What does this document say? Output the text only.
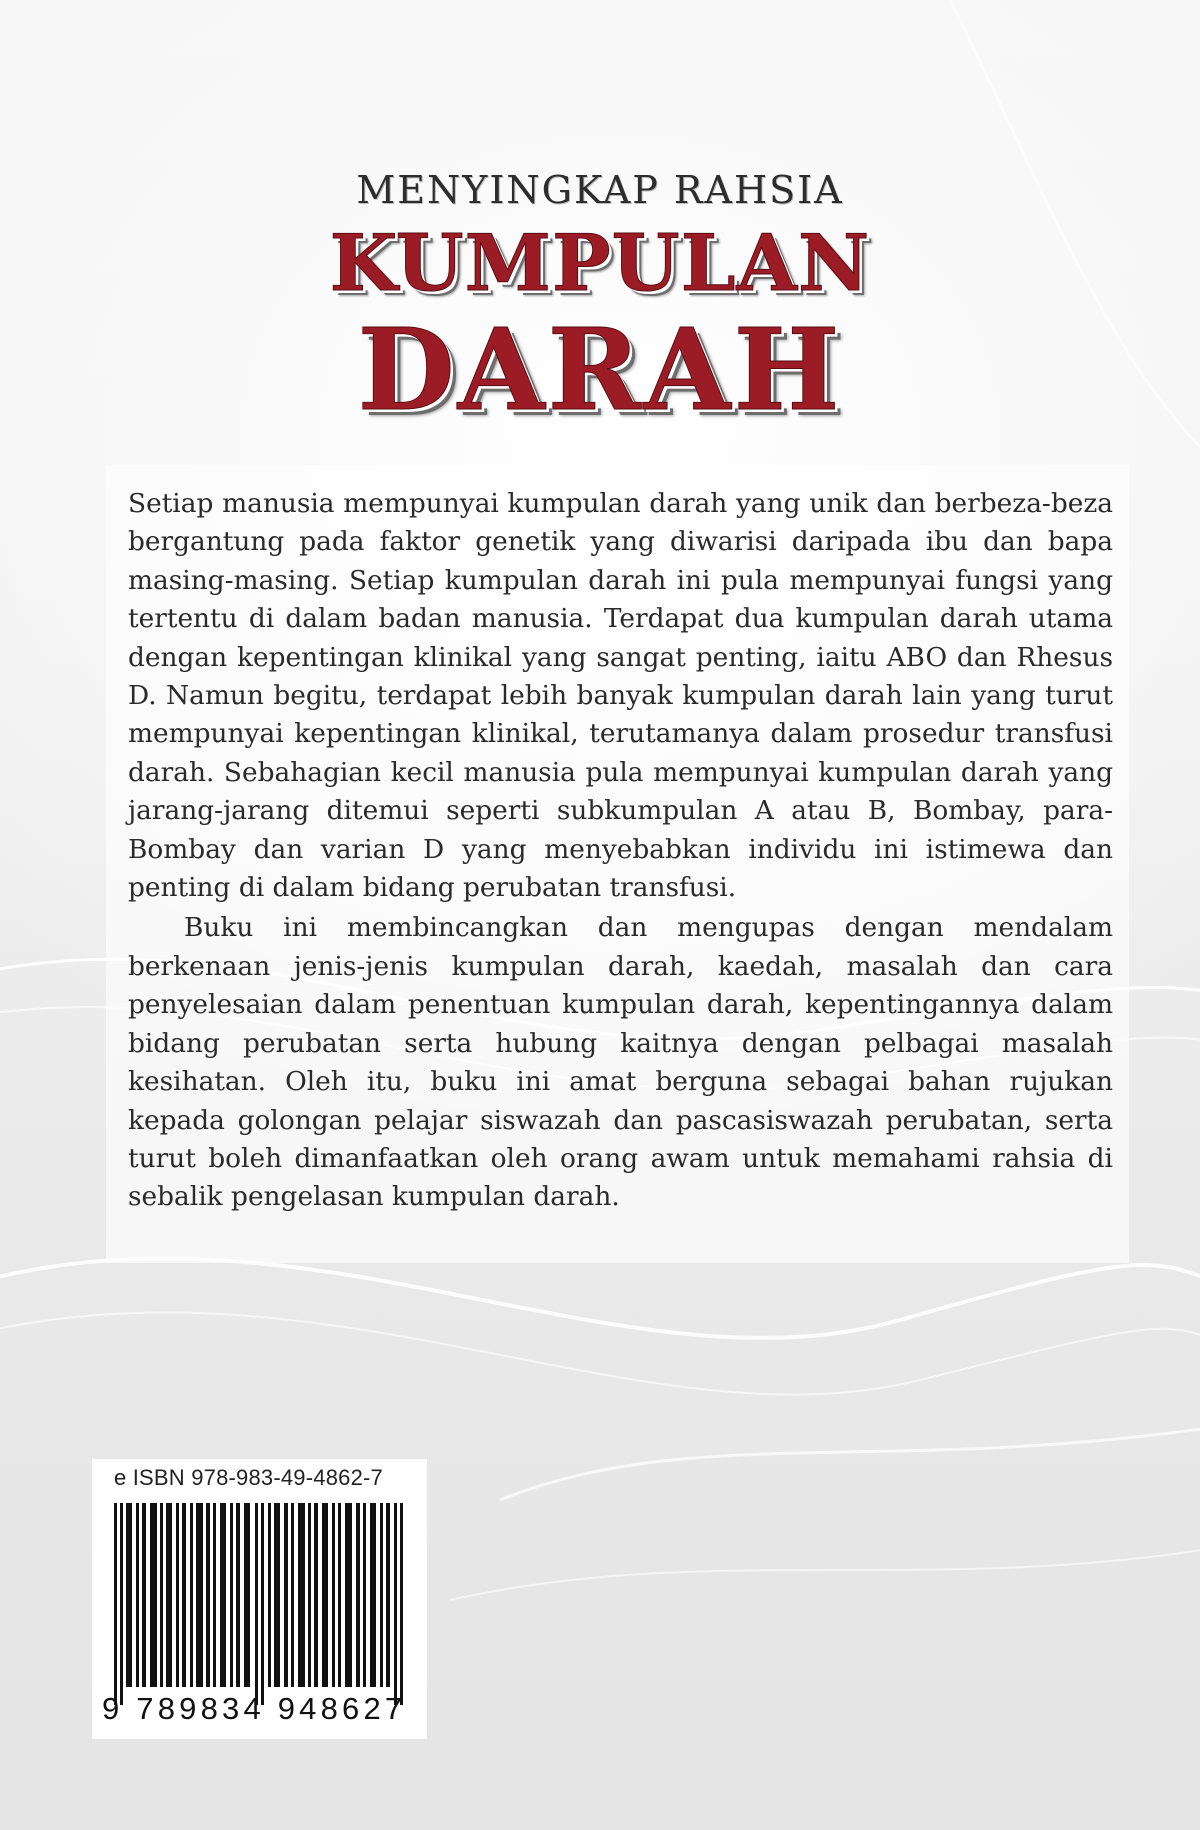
MENYINGKAP RAHSIA
KUMPULAN
DARAH

Setiap manusia mempunyai kumpulan darah yang unik dan berbeza-beza bergantung pada faktor genetik yang diwarisi daripada ibu dan bapa masing-masing. Setiap kumpulan darah ini pula mempunyai fungsi yang tertentu di dalam badan manusia. Terdapat dua kumpulan darah utama dengan kepentingan klinikal yang sangat penting, iaitu ABO dan Rhesus D. Namun begitu, terdapat lebih banyak kumpulan darah lain yang turut mempunyai kepentingan klinikal, terutamanya dalam prosedur transfusi darah. Sebahagian kecil manusia pula mempunyai kumpulan darah yang jarang-jarang ditemui seperti subkumpulan A atau B, Bombay, para-Bombay dan varian D yang menyebabkan individu ini istimewa dan penting di dalam bidang perubatan transfusi.

Buku ini membincangkan dan mengupas dengan mendalam berkenaan jenis-jenis kumpulan darah, kaedah, masalah dan cara penyelesaian dalam penentuan kumpulan darah, kepentingannya dalam bidang perubatan serta hubung kaitnya dengan pelbagai masalah kesihatan. Oleh itu, buku ini amat berguna sebagai bahan rujukan kepada golongan pelajar siswazah dan pascasiswazah perubatan, serta turut boleh dimanfaatkan oleh orang awam untuk memahami rahsia di sebalik pengelasan kumpulan darah.

e ISBN 978-983-49-4862-7
9 789834 948627
